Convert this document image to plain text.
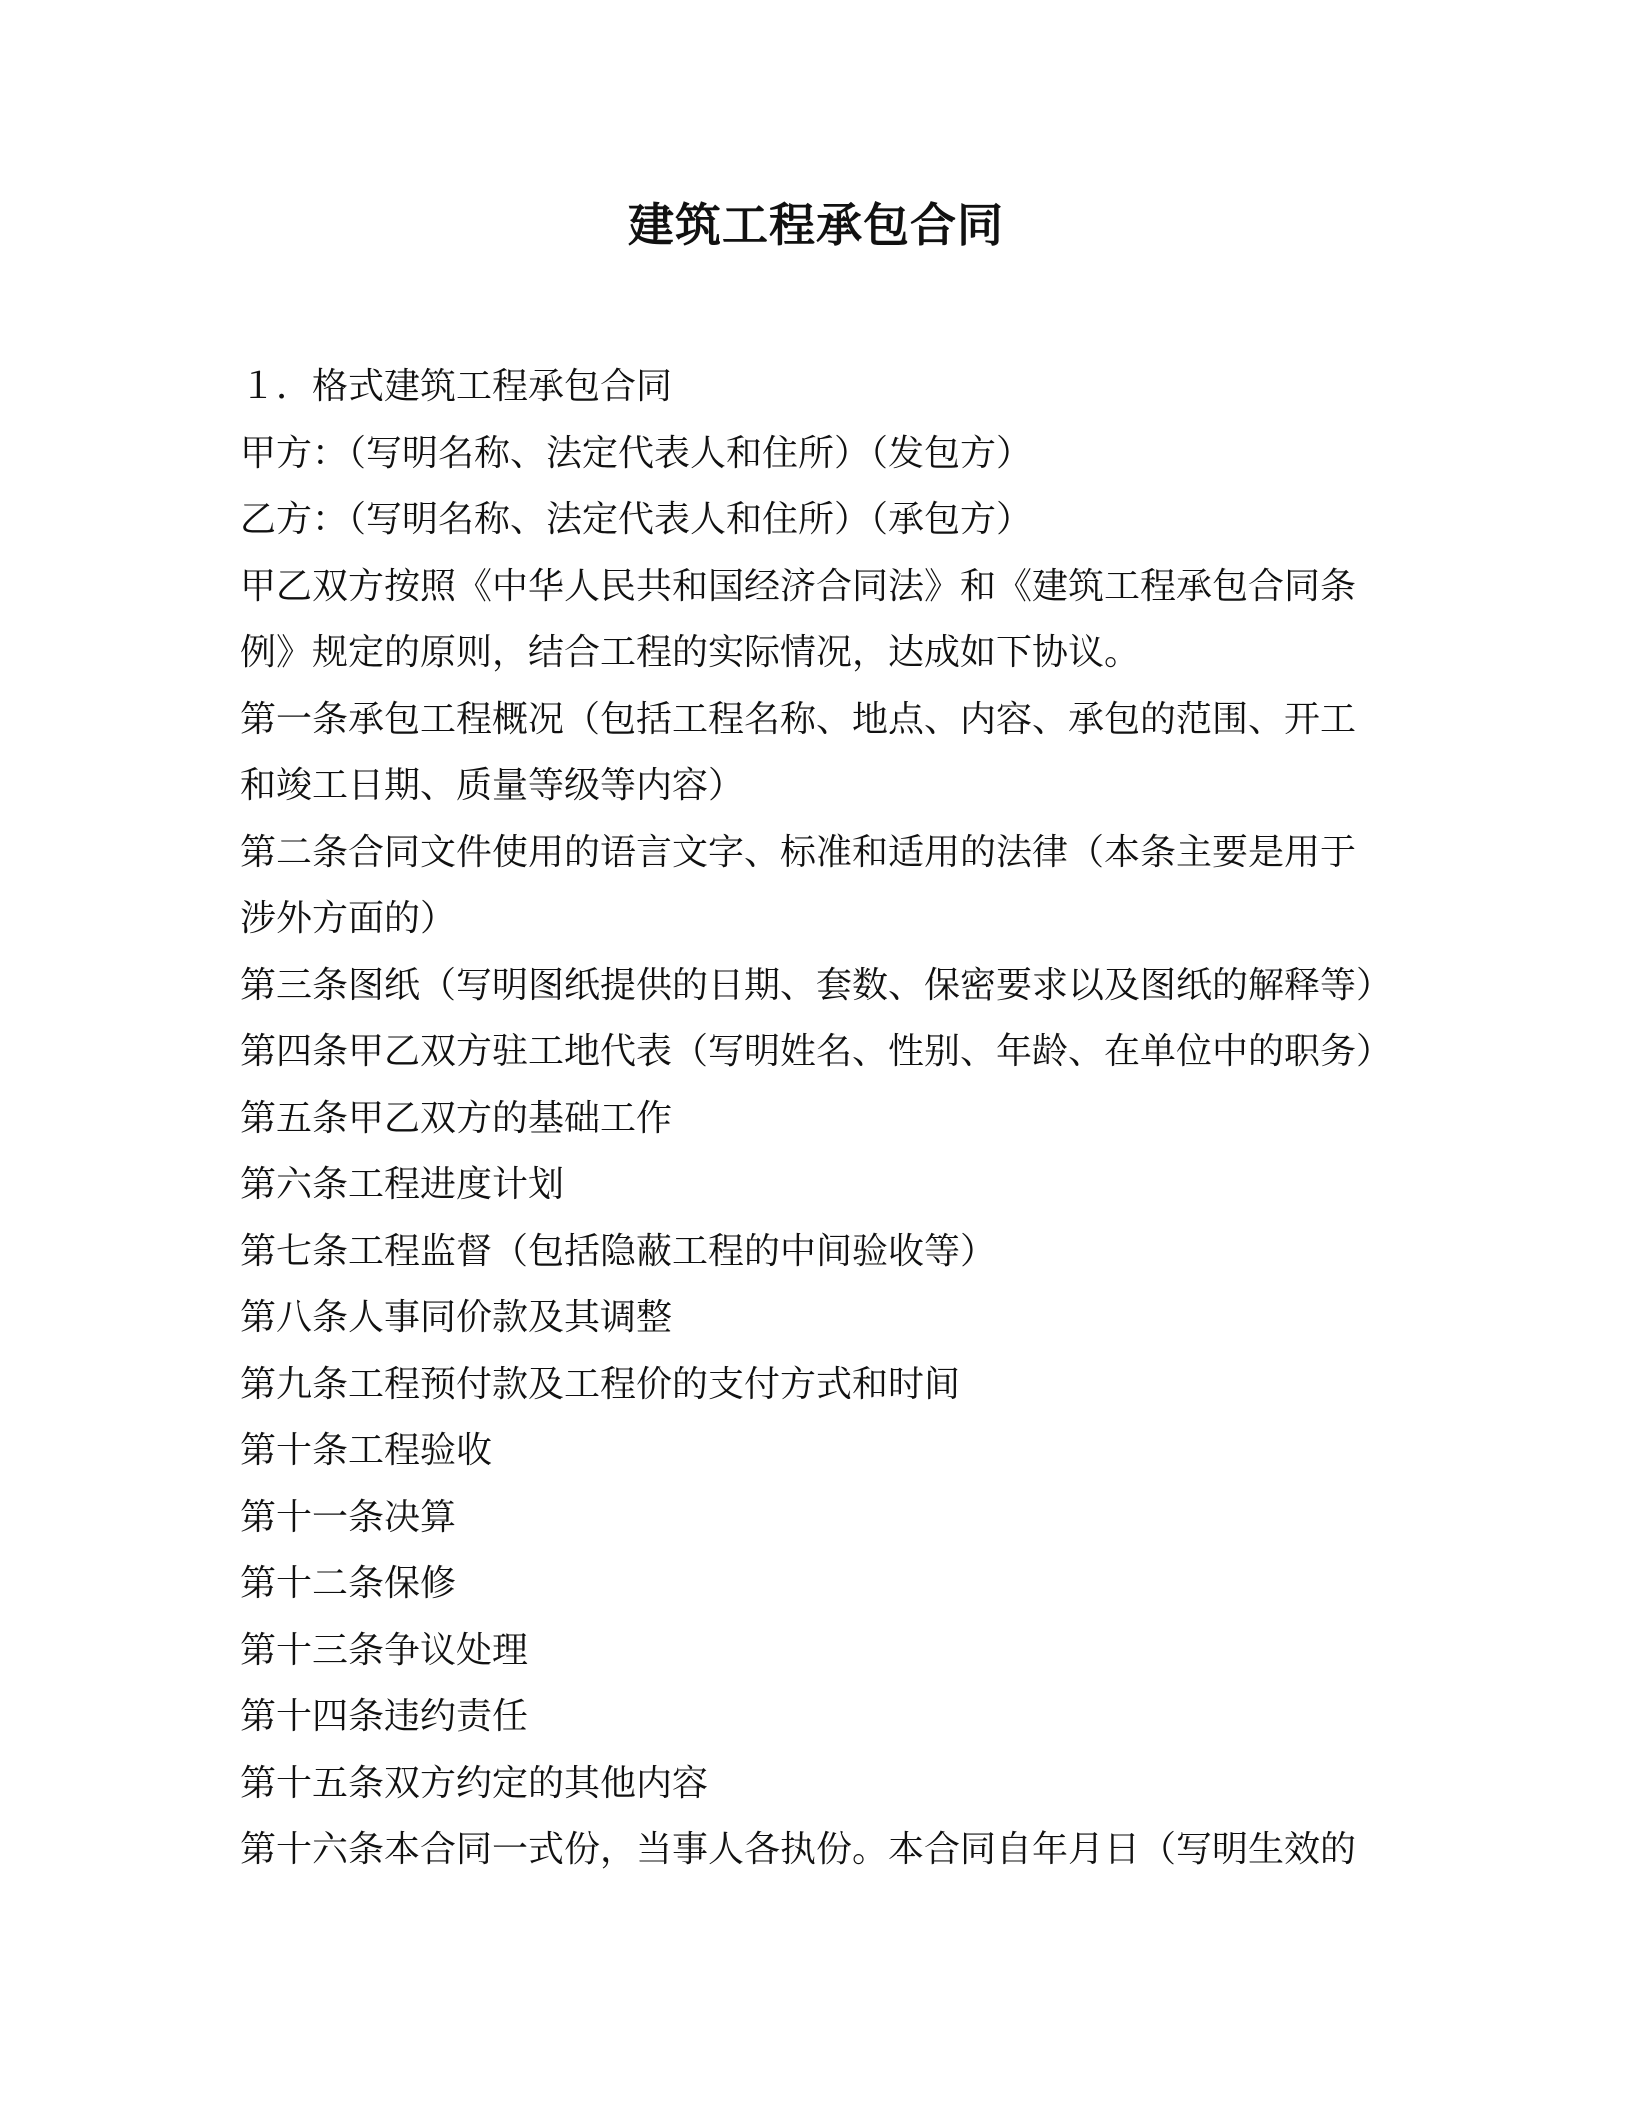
建筑工程承包合同

１．格式建筑工程承包合同

甲方：（写明名称、法定代表人和住所）（发包方）

乙方：（写明名称、法定代表人和住所）（承包方）

甲乙双方按照《中华人民共和国经济合同法》和《建筑工程承包合同条
例》规定的原则，结合工程的实际情况，达成如下协议。

第一条承包工程概况（包括工程名称、地点、内容、承包的范围、开工
和竣工日期、质量等级等内容）

第二条合同文件使用的语言文字、标准和适用的法律（本条主要是用于
涉外方面的）

第三条图纸（写明图纸提供的日期、套数、保密要求以及图纸的解释等）

第四条甲乙双方驻工地代表（写明姓名、性别、年龄、在单位中的职务）

第五条甲乙双方的基础工作

第六条工程进度计划

第七条工程监督（包括隐蔽工程的中间验收等）

第八条人事同价款及其调整

第九条工程预付款及工程价的支付方式和时间

第十条工程验收

第十一条决算

第十二条保修

第十三条争议处理

第十四条违约责任

第十五条双方约定的其他内容

第十六条本合同一式份，当事人各执份。本合同自年月日（写明生效的
